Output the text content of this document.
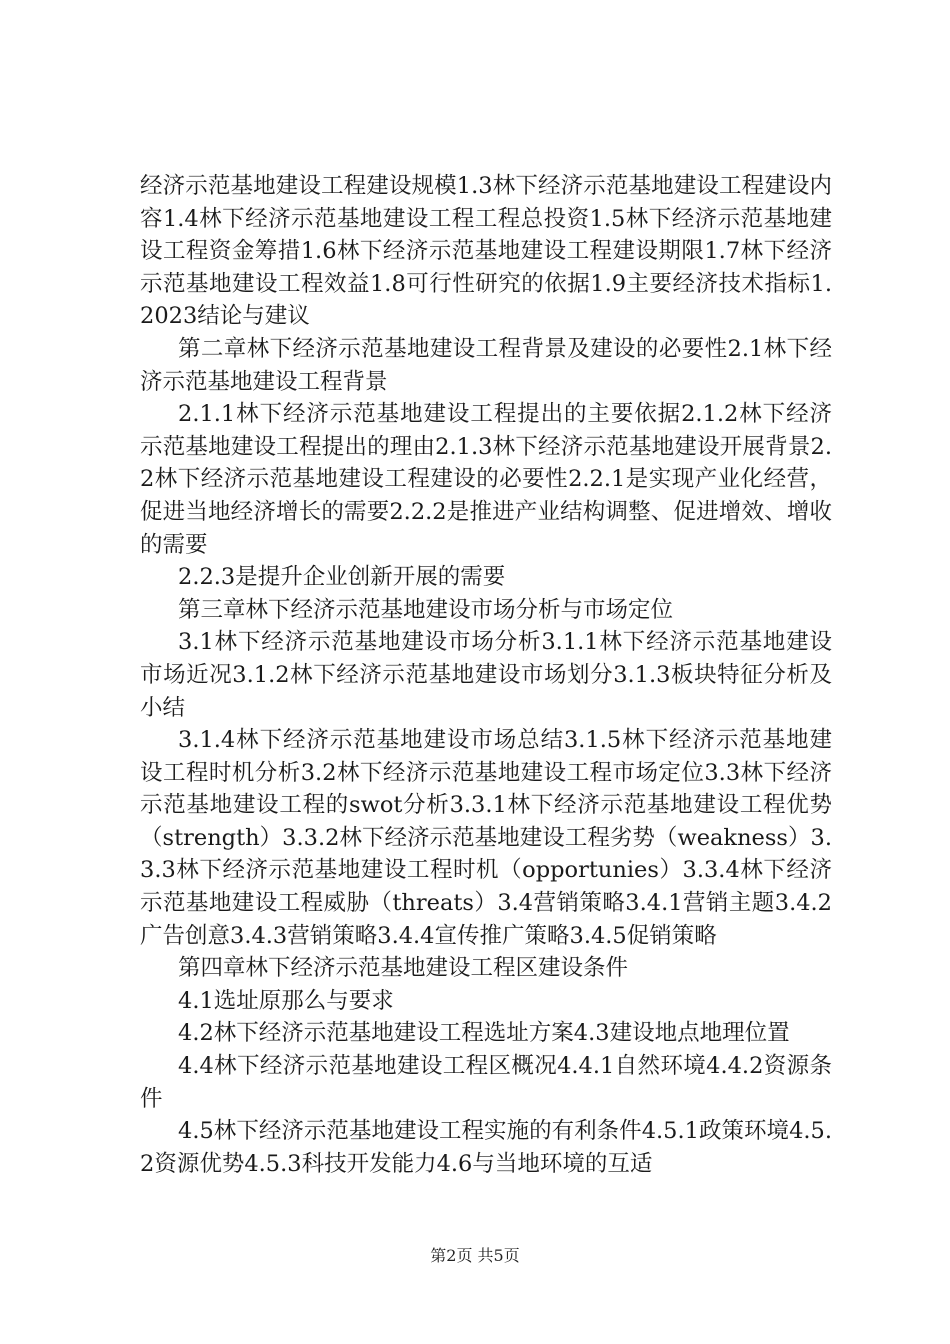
经济示范基地建设工程建设规模1.3林下经济示范基地建设工程建设内容1.4林下经济示范基地建设工程工程总投资1.5林下经济示范基地建设工程资金筹措1.6林下经济示范基地建设工程建设期限1.7林下经济示范基地建设工程效益1.8可行性研究的依据1.9主要经济技术指标1.2023结论与建议

第二章林下经济示范基地建设工程背景及建设的必要性2.1林下经济示范基地建设工程背景

2.1.1林下经济示范基地建设工程提出的主要依据2.1.2林下经济示范基地建设工程提出的理由2.1.3林下经济示范基地建设开展背景2.2林下经济示范基地建设工程建设的必要性2.2.1是实现产业化经营，促进当地经济增长的需要2.2.2是推进产业结构调整、促进增效、增收的需要

2.2.3是提升企业创新开展的需要

第三章林下经济示范基地建设市场分析与市场定位

3.1林下经济示范基地建设市场分析3.1.1林下经济示范基地建设市场近况3.1.2林下经济示范基地建设市场划分3.1.3板块特征分析及小结

3.1.4林下经济示范基地建设市场总结3.1.5林下经济示范基地建设工程时机分析3.2林下经济示范基地建设工程市场定位3.3林下经济示范基地建设工程的swot分析3.3.1林下经济示范基地建设工程优势（strength）3.3.2林下经济示范基地建设工程劣势（weakness）3.3.3林下经济示范基地建设工程时机（opportunies）3.3.4林下经济示范基地建设工程威胁（threats）3.4营销策略3.4.1营销主题3.4.2广告创意3.4.3营销策略3.4.4宣传推广策略3.4.5促销策略

第四章林下经济示范基地建设工程区建设条件

4.1选址原那么与要求

4.2林下经济示范基地建设工程选址方案4.3建设地点地理位置

4.4林下经济示范基地建设工程区概况4.4.1自然环境4.4.2资源条件

4.5林下经济示范基地建设工程实施的有利条件4.5.1政策环境4.5.2资源优势4.5.3科技开发能力4.6与当地环境的互适

第2页 共5页
